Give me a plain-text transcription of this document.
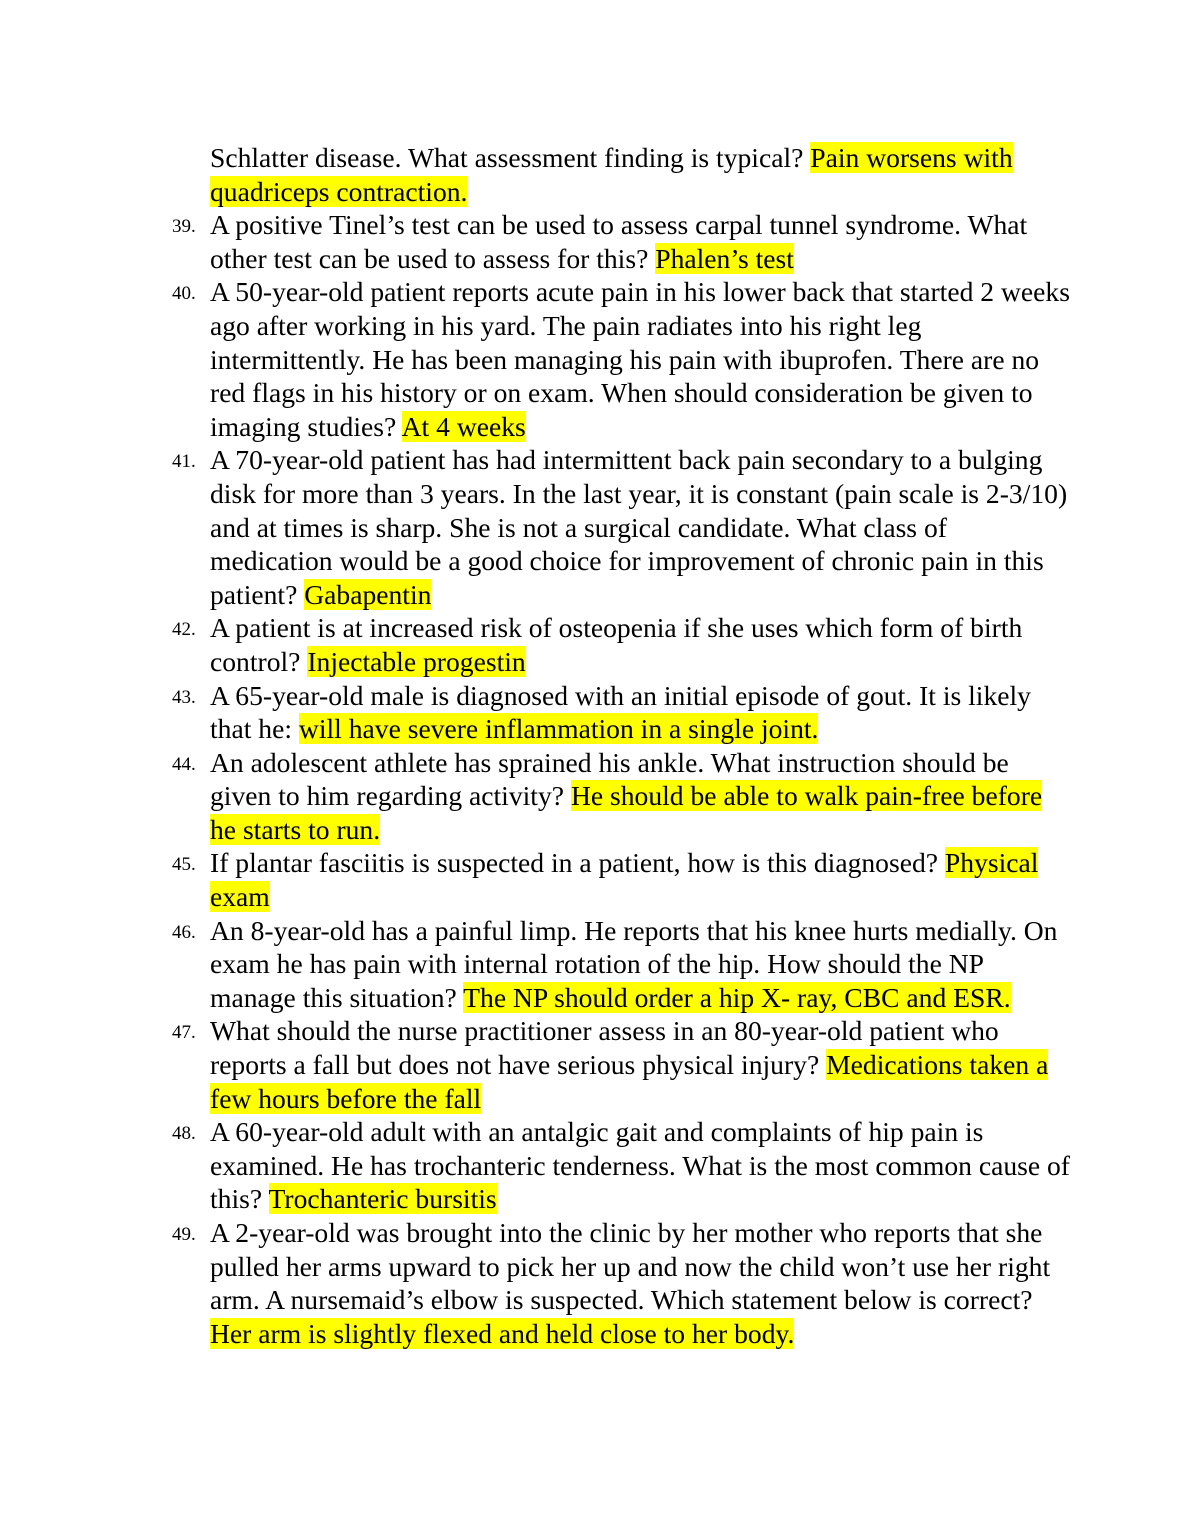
Schlatter disease. What assessment finding is typical? Pain worsens with quadriceps contraction.

39. A positive Tinel’s test can be used to assess carpal tunnel syndrome. What other test can be used to assess for this? Phalen’s test
40. A 50-year-old patient reports acute pain in his lower back that started 2 weeks ago after working in his yard. The pain radiates into his right leg intermittently. He has been managing his pain with ibuprofen. There are no red flags in his history or on exam. When should consideration be given to imaging studies? At 4 weeks
41. A 70-year-old patient has had intermittent back pain secondary to a bulging disk for more than 3 years. In the last year, it is constant (pain scale is 2-3/10) and at times is sharp. She is not a surgical candidate. What class of medication would be a good choice for improvement of chronic pain in this patient? Gabapentin
42. A patient is at increased risk of osteopenia if she uses which form of birth control? Injectable progestin
43. A 65-year-old male is diagnosed with an initial episode of gout. It is likely that he: will have severe inflammation in a single joint.
44. An adolescent athlete has sprained his ankle. What instruction should be given to him regarding activity? He should be able to walk pain-free before he starts to run.
45. If plantar fasciitis is suspected in a patient, how is this diagnosed? Physical exam
46. An 8-year-old has a painful limp. He reports that his knee hurts medially. On exam he has pain with internal rotation of the hip. How should the NP manage this situation? The NP should order a hip X- ray, CBC and ESR.
47. What should the nurse practitioner assess in an 80-year-old patient who reports a fall but does not have serious physical injury? Medications taken a few hours before the fall
48. A 60-year-old adult with an antalgic gait and complaints of hip pain is examined. He has trochanteric tenderness. What is the most common cause of this? Trochanteric bursitis
49. A 2-year-old was brought into the clinic by her mother who reports that she pulled her arms upward to pick her up and now the child won’t use her right arm. A nursemaid’s elbow is suspected. Which statement below is correct? Her arm is slightly flexed and held close to her body.
